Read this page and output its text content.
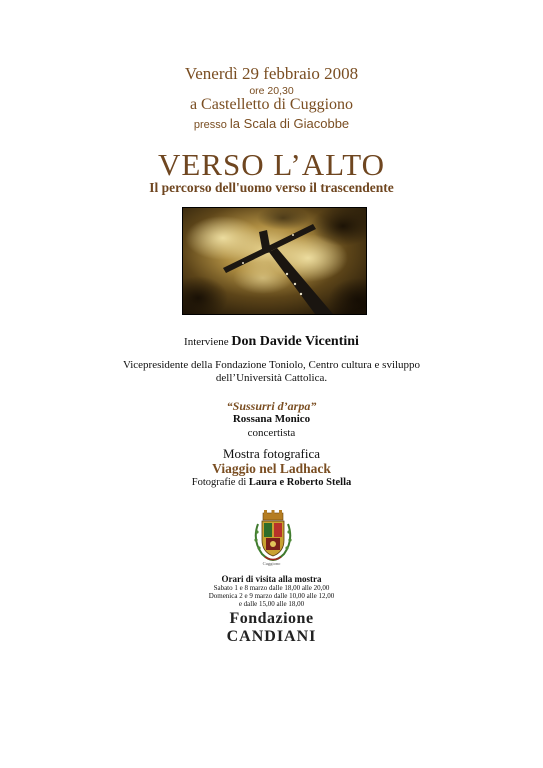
Venerdì 29 febbraio 2008
ore 20,30
a Castelletto di Cuggiono
presso la Scala di Giacobbe
VERSO L’ALTO
Il percorso dell'uomo verso il trascendente
Interviene Don Davide Vicentini
Vicepresidente della Fondazione Toniolo, Centro cultura e sviluppo
dell’Università Cattolica.
“Sussurri d’arpa”
Rossana Monico
concertista
Mostra fotografica
Viaggio nel Ladhack
Fotografie di Laura e Roberto Stella
Cuggiono
Orari di visita alla mostra
Sabato 1 e 8 marzo dalle 18,00 alle 20,00
Domenica 2 e 9 marzo dalle 10,00 alle 12,00
e dalle 15,00 alle 18,00
Fondazione
CANDIANI
